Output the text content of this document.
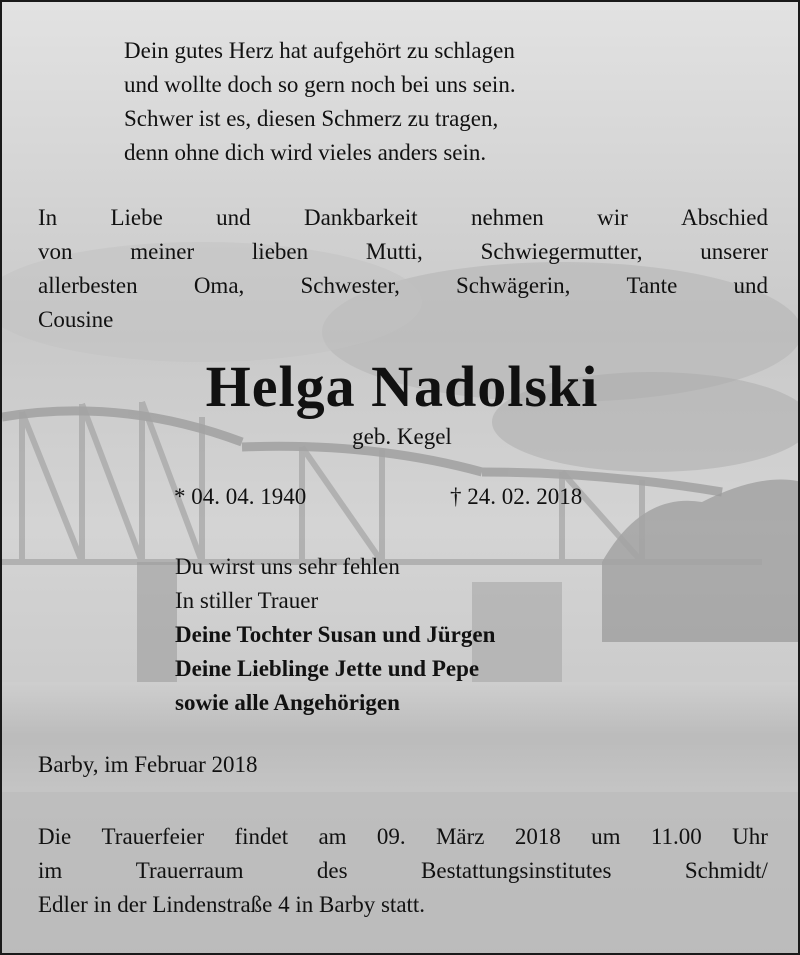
Dein gutes Herz hat aufgehört zu schlagen
und wollte doch so gern noch bei uns sein.
Schwer ist es, diesen Schmerz zu tragen,
denn ohne dich wird vieles anders sein.
In Liebe und Dankbarkeit nehmen wir Abschied
von	meiner	lieben	Mutti,	Schwiegermutter,	unserer
allerbesten Oma, Schwester, Schwägerin, Tante und
Cousine
Helga Nadolski
geb. Kegel
* 04. 04. 1940	† 24. 02. 2018
Du wirst uns sehr fehlen
In stiller Trauer
Deine Tochter Susan und Jürgen
Deine Lieblinge Jette und Pepe
sowie alle Angehörigen
Barby, im Februar 2018
Die Trauerfeier findet am 09. März 2018 um 11.00 Uhr
im	Trauerraum	des	Bestattungsinstitutes	Schmidt/
Edler in der Lindenstraße 4 in Barby statt.
